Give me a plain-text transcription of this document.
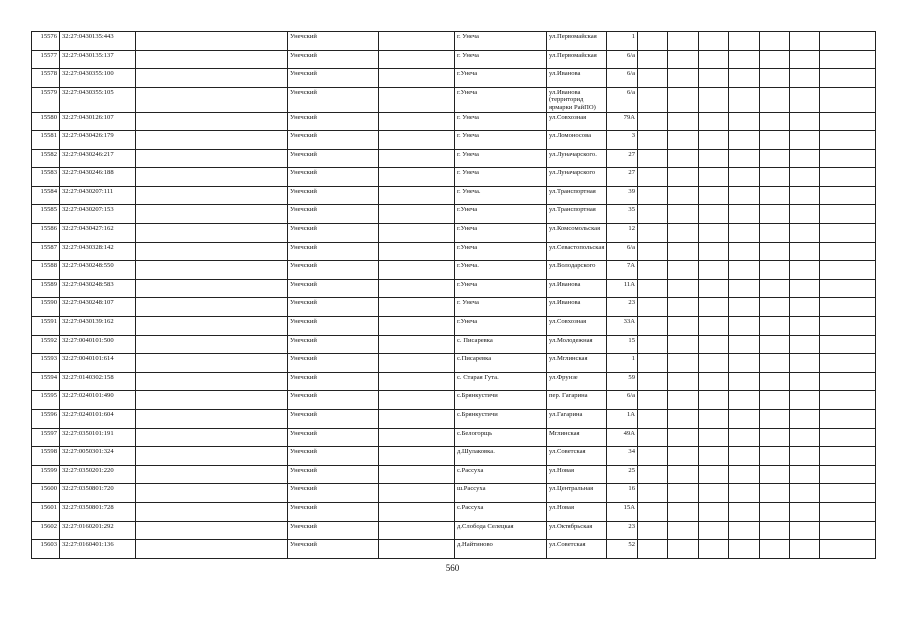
15576	32:27:0430135:443		Унечский		г. Унеча	ул.Первомайская	1							
15577	32:27:0430135:137		Унечский		г. Унеча	ул.Первомайская	6/а							
15578	32:27:0430355:100		Унечский		г.Унеча	ул.Иванова	6/а							
15579	32:27:0430355:105		Унечский		г.Унеча	ул.Иванова (территорид ярмарки РайПО)	6/а							
15580	32:27:0430126:107		Унечский		г. Унеча	ул.Совхозная	79А							
15581	32:27:0430426:179		Унечский		г. Унеча	ул.Ломоносова	3							
15582	32:27:0430246:217		Унечский		г. Унеча	ул.Луначарского.	27							
15583	32:27:0430246:188		Унечский		г. Унеча	ул.Луначарского	27							
15584	32:27:0430207:111		Унечский		г. Унеча.	ул.Транспортная	39							
15585	32:27:0430207:153		Унечский		г.Унеча	ул.Транспортная	35							
15586	32:27:0430427:162		Унечский		г.Унеча	ул.Комсомольская	12							
15587	32:27:0430328:142		Унечский		г.Унеча	ул.Севастопольская	6/а							
15588	32:27:0430248:550		Унечский		г.Унеча.	ул.Володарского	7А							
15589	32:27:0430248:583		Унечский		г.Унеча	ул.Иванова	11А							
15590	32:27:0430248:107		Унечский		г. Унеча	ул.Иванова	23							
15591	32:27:0430139:162		Унечский		г.Унеча	ул.Совхозная	33А							
15592	32:27:0040101:500		Унечский		с. Писаревка	ул.Молодежная	15							
15593	32:27:0040101:614		Унечский		с.Писаревка	ул.Мглинская	1							
15594	32:27:0140302:158		Унечский		с. Старая Гута.	ул.Фрунзе	59							
15595	32:27:0240101:490		Унечский		с.Брянкустичи	пер. Гагарина	6/а							
15596	32:27:0240101:604		Унечский		с.Брянкустичи	ул.Гагарина	1А							
15597	32:27:0350101:191		Унечский		с.Белогорщь	Мглинская	49А							
15598	32:27:0050301:324		Унечский		д.Шулаковка.	ул.Советская	34							
15599	32:27:0350201:220		Унечский		с.Рассуха	ул.Новая	25							
15600	32:27:0350801:720		Унечский		ш.Рассуха	ул.Центральная	16							
15601	32:27:0350801:728		Унечский		с.Рассуха	ул.Новая	15А							
15602	32:27:0160201:292		Унечский		д.Слобода Селецкая	ул.Октябрьская	23							
15603	32:27:0160401:136		Унечский		д.Найтиново	ул.Советская	52							
560
